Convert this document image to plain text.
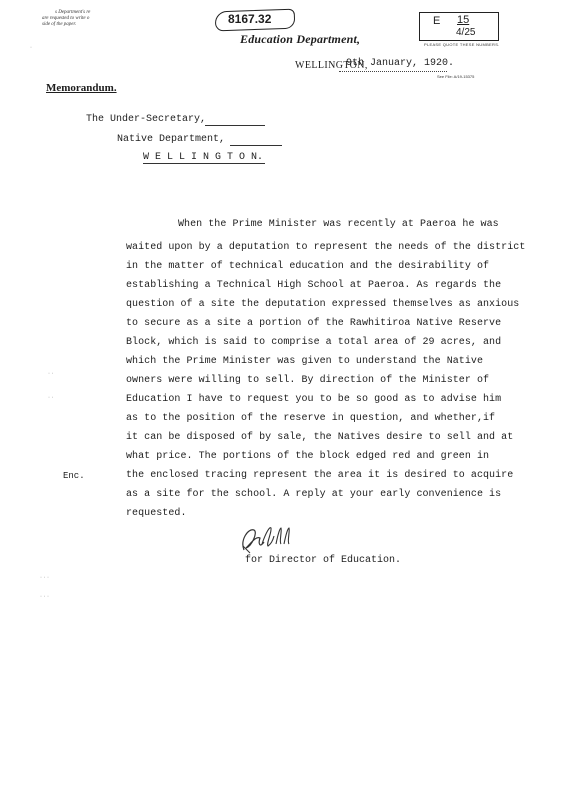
s Department's re
are requested to write o
side of the paper.	8167.32
Education Department,
E 15
4/25
PLEASE QUOTE THESE NUMBERS.
WELLINGTON,
9th January, 1920.
See File: A/19-15375
Memorandum.
The Under-Secretary,
Native Department,
W E L L I N G T O N.
When the Prime Minister was recently at Paeroa he was
waited upon by a deputation to represent the needs of the district
in the matter of technical education and the desirability of
establishing a Technical High School at Paeroa. As regards the
question of a site the deputation expressed themselves as anxious
to secure as a site a portion of the Rawhitiroa Native Reserve
Block, which is said to comprise a total area of 29 acres, and
which the Prime Minister was given to understand the Native
owners were willing to sell. By direction of the Minister of
Education I have to request you to be so good as to advise him
as to the position of the reserve in question, and whether,if
it can be disposed of by sale, the Natives desire to sell and at
what price. The portions of the block edged red and green in
the enclosed tracing represent the area it is desired to acquire
as a site for the school. A reply at your early convenience is
requested.
Enc.
for Director of Education.
· ·
· ·
· · ·
· · ·
·
